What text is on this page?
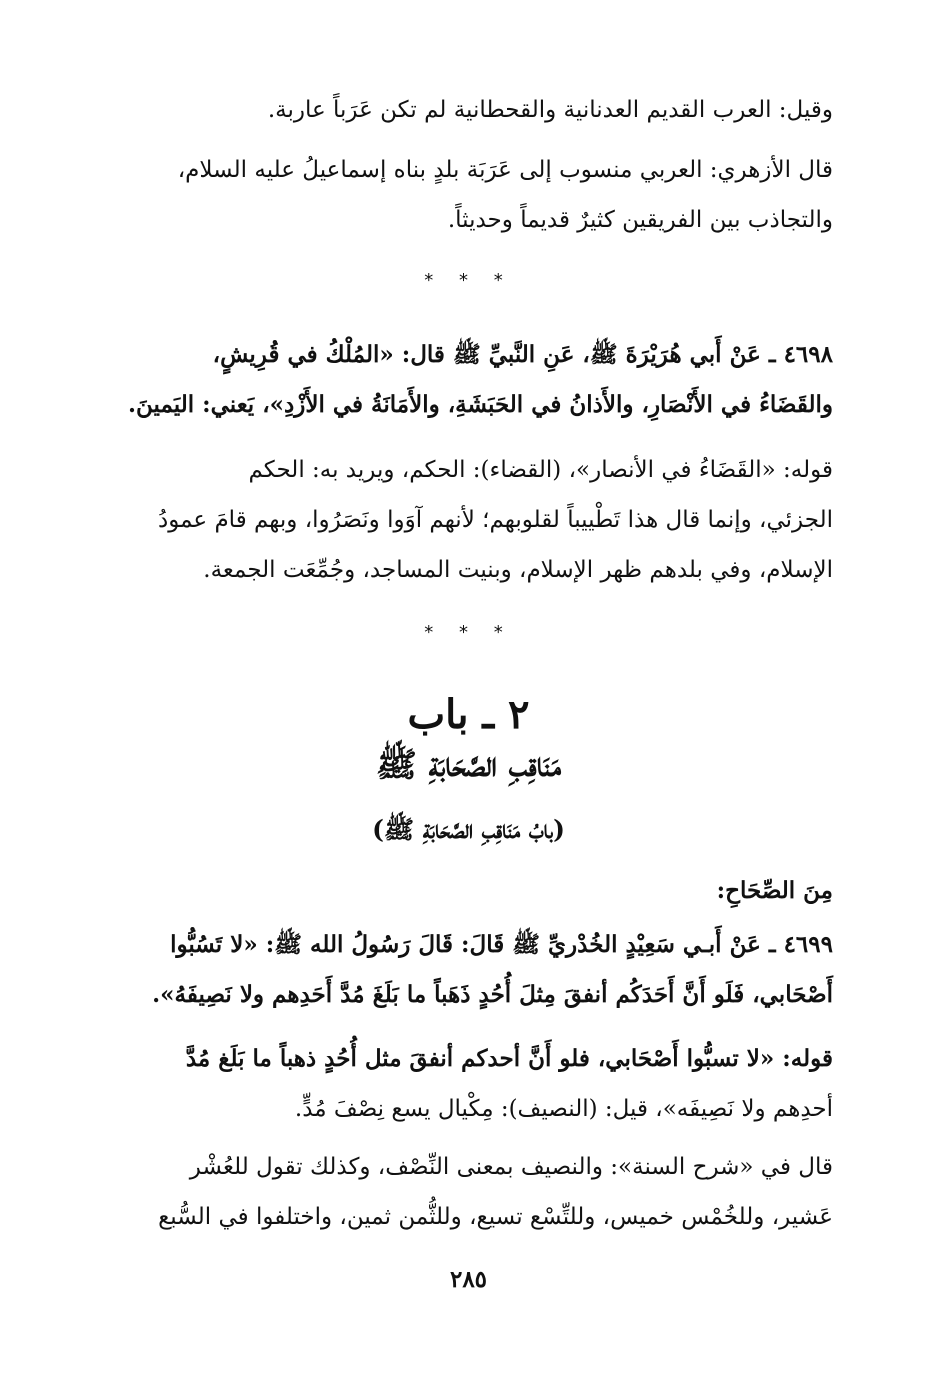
وقيل: العرب القديم العدنانية والقحطانية لم تكن عَرَباً عاربة.
قال الأزهري: العربي منسوب إلى عَرَبَة بلدٍ بناه إسماعيلُ عليه السلام،
والتجاذب بين الفريقين كثيرٌ قديماً وحديثاً.
* * *
٤٦٩٨ ـ عَنْ أَبي هُرَيْرَةَ ﷺ، عَنِ النَّبيِّ ﷺ قال: «المُلْكُ في قُرِيشٍ،
والقَضَاءُ في الأَنْصَارِ، والأَذانُ في الحَبَشَةِ، والأَمَانَةُ في الأَزْدِ»، يَعني: اليَمينَ.
قوله: «القَضَاءُ في الأنصار»، (القضاء): الحكم، ويريد به: الحكم
الجزئي، وإنما قال هذا تَطْييباً لقلوبهم؛ لأنهم آوَوا ونَصَرُوا، وبهم قامَ عمودُ
الإسلام، وفي بلدهم ظهر الإسلام، وبنيت المساجد، وجُمِّعَت الجمعة.
* * *
٢ ـ باب
مَنَاقِبِ الصَّحَابَةِ ﷺ
(بابُ مَنَاقِبِ الصَّحَابَةِ ﷺ)
مِنَ الصِّحَاحِ:
٤٦٩٩ ـ عَنْ أَبـي سَعِيْدٍ الخُدْريِّ ﷺ قَالَ: قَالَ رَسُولُ الله ﷺ: «لا تَسُبُّوا
أَصْحَابي، فَلَو أَنَّ أَحَدَكُم أنفقَ مِثلَ أُحُدٍ ذَهَباً ما بَلَغَ مُدَّ أَحَدِهم ولا نَصِيفَهُ».
قوله: «لا تسبُّوا أَصْحَابي، فلو أَنَّ أحدكم أنفقَ مثل أُحُدٍ ذهباً ما بَلَغ مُدَّ
أحدِهم ولا نَصِيفَه»، قيل: (النصيف): مِكْيال يسع نِصْفَ مُدٍّ.
قال في «شرح السنة»: والنصيف بمعنى النِّصْف، وكذلك تقول للعُشْر
عَشير، وللخُمْس خميس، وللتِّسْع تسيع، وللثُّمن ثمين، واختلفوا في السُّبع
٢٨٥
